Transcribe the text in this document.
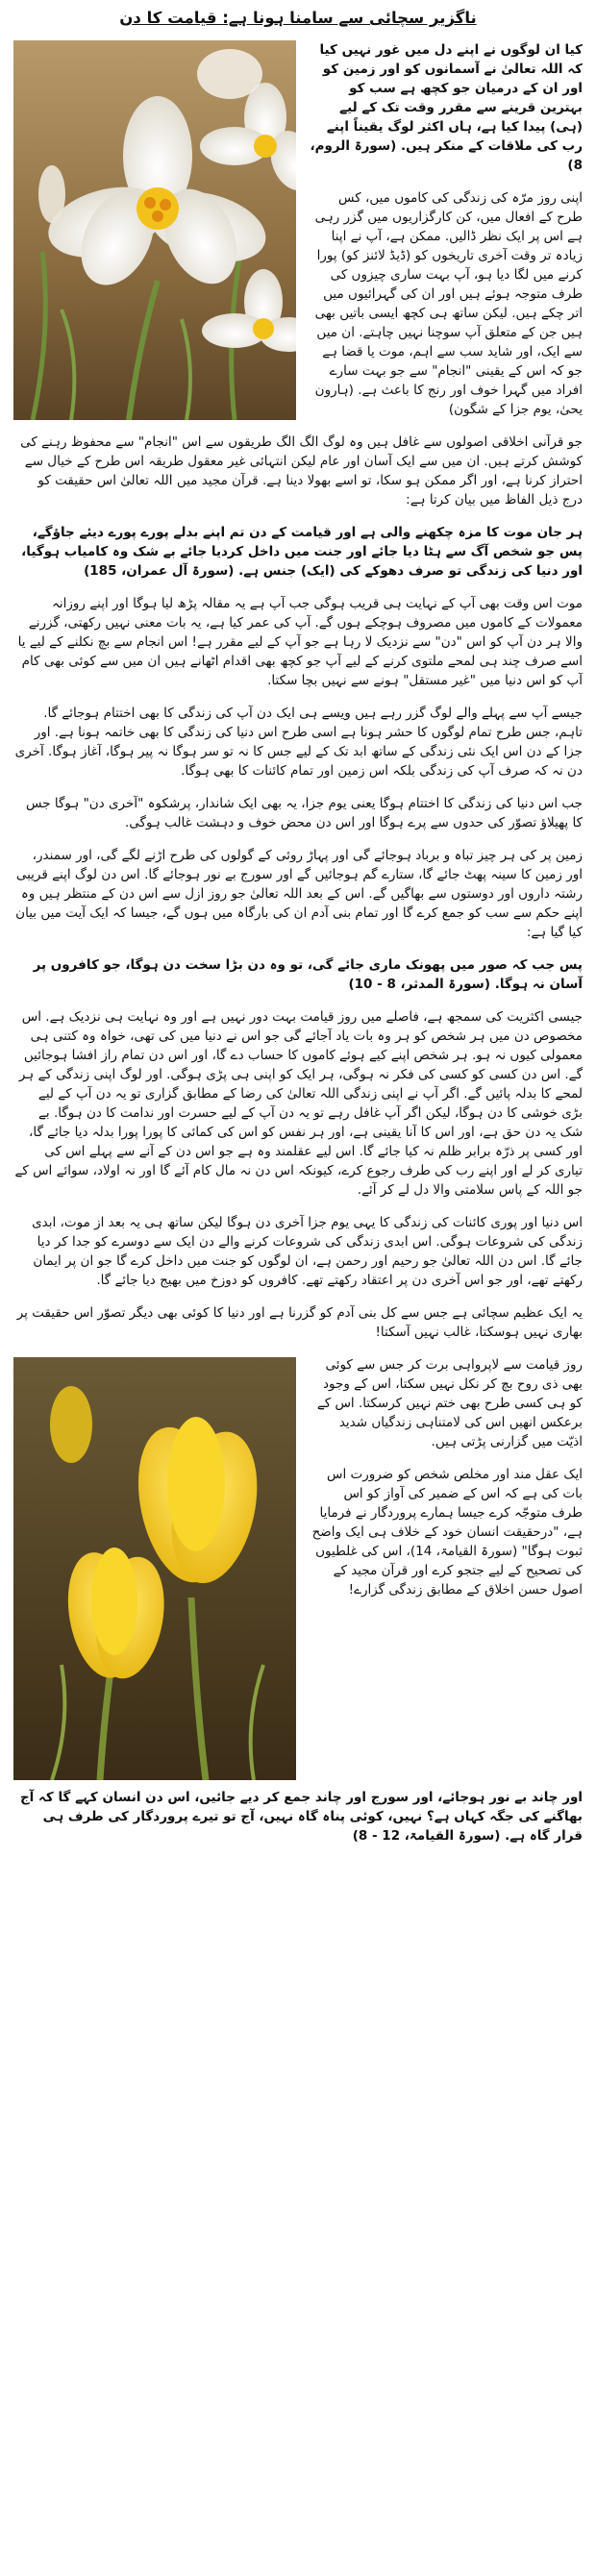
ناگزیر سچائی سے سامنا ہونا ہے: قیامت کا دن

کیا ان لوگوں نے اپنے دل میں غور نہیں کیا کہ اللہ تعالیٰ نے آسمانوں کو اور زمین کو اور ان کے درمیان جو کچھ ہے سب کو بہترین قرینے سے مقرر وقت تک کے لیے (ہی) پیدا کیا ہے، ہاں اکثر لوگ یقیناً اپنے رب کی ملاقات کے منکر ہیں. (سورۃ الروم، 8)

اپنی روز مرّہ کی زندگی کی کاموں میں، کس طرح کے افعال میں، کن کارگزاریوں میں گزر رہی ہے اس پر ایک نظر ڈالیں. ممکن ہے، آپ نے اپنا زیادہ تر وقت آخری تاریخوں کو (ڈیڈ لائنز کو) پورا کرنے میں لگا دیا ہو، آپ بہت ساری چیزوں کی طرف متوجہ ہوئے ہیں اور ان کی گہرائیوں میں اتر چکے ہیں. لیکن ساتھ ہی کچھ ایسی باتیں بھی ہیں جن کے متعلق آپ سوچنا نہیں چاہتے. ان میں سے ایک، اور شاید سب سے اہم، موت یا قضا ہے جو کہ اس کے یقینی "انجام" سے جو بہت سارے افراد میں گہرا خوف اور رنج کا باعث ہے. (ہارون یحیٰ، یوم جزا کے شگون)

جو قرآنی اخلاقی اصولوں سے غافل ہیں وہ لوگ الگ الگ طریقوں سے اس "انجام" سے محفوظ رہنے کی کوشش کرتے ہیں. ان میں سے ایک آسان اور عام لیکن انتہائی غیر معقول طریقہ اس طرح کے خیال سے احتراز کرنا ہے، اور اگر ممکن ہو سکا، تو اسے بھولا دینا ہے. قرآن مجید میں اللہ تعالیٰ اس حقیقت کو درج ذیل الفاظ میں بیان کرتا ہے:

ہر جان موت کا مزہ چکھنے والی ہے اور قیامت کے دن تم اپنے بدلے پورے پورے دیئے جاؤگے، پس جو شخص آگ سے ہٹا دیا جائے اور جنت میں داخل کردیا جائے بے شک وہ کامیاب ہوگیا، اور دنیا کی زندگی تو صرف دھوکے کی (ایک) جنس ہے. (سورۃ آل عمران، 185)

موت اس وقت بھی آپ کے نہایت ہی قریب ہوگی جب آپ ہے یہ مقالہ پڑھ لیا ہوگا اور اپنے روزانہ معمولات کے کاموں میں مصروف ہوچکے ہوں گے. آپ کی عمر کیا ہے، یہ بات معنی نہیں رکھتی، گزرنے والا ہر دن آپ کو اس "دن" سے نزدیک لا رہا ہے جو آپ کے لیے مقرر ہے! اس انجام سے بچ نکلنے کے لیے یا اسے صرف چند ہی لمحے ملتوی کرنے کے لیے آپ جو کچھ بھی اقدام اٹھانے ہیں ان میں سے کوئی بھی کام آپ کو اس دنیا میں "غیر مستقل" ہونے سے نہیں بچا سکتا.

جیسے آپ سے پہلے والے لوگ گزر رہے ہیں ویسے ہی ایک دن آپ کی زندگی کا بھی اختتام ہوجائے گا. تاہم، جس طرح تمام لوگوں کا حشر ہونا ہے اسی طرح اس دنیا کی زندگی کا بھی خاتمہ ہونا ہے. اور جزا کے دن اس ایک نئی زندگی کے ساتھ ابد تک کے لیے جس کا نہ تو سر ہوگا نہ پیر ہوگا، آغاز ہوگا. آخری دن نہ کہ صرف آپ کی زندگی بلکہ اس زمین اور تمام کائنات کا بھی ہوگا.

جب اس دنیا کی زندگی کا اختتام ہوگا یعنی یوم جزا، یہ بھی ایک شاندار، پرشکوہ "آخری دن" ہوگا جس کا پھیلاؤ تصوّر کی حدوں سے پرے ہوگا اور اس دن محض خوف و دہشت غالب ہوگی.

زمین پر کی ہر چیز تباہ و برباد ہوجائے گی اور پہاڑ روئی کے گولوں کی طرح اڑنے لگے گی، اور سمندر، اور زمین کا سینہ پھٹ جائے گا، ستارے گم ہوجائیں گے اور سورج بے نور ہوجائے گا. اس دن لوگ اپنے قریبی رشتہ داروں اور دوستوں سے بھاگیں گے. اس کے بعد اللہ تعالیٰ جو روز ازل سے اس دن کے منتظر ہیں وہ اپنے حکم سے سب کو جمع کرے گا اور تمام بنی آدم ان کی بارگاہ میں ہوں گے، جیسا کہ ایک آیت میں بیان کیا گیا ہے:

پس جب کہ صور میں پھونک ماری جائے گی، تو وہ دن بڑا سخت دن ہوگا، جو کافروں پر آسان نہ ہوگا. (سورۃ المدثر، 8 - 10)

جیسی اکثریت کی سمجھ ہے، فاصلے میں روز قیامت بہت دور نہیں ہے اور وہ نہایت ہی نزدیک ہے. اس مخصوص دن میں ہر شخص کو ہر وہ بات یاد آجائے گی جو اس نے دنیا میں کی تھی، خواہ وہ کتنی ہی معمولی کیوں نہ ہو. ہر شخص اپنے کیے ہوئے کاموں کا حساب دے گا، اور اس دن تمام راز افشا ہوجائیں گے. اس دن کسی کو کسی کی فکر نہ ہوگی، ہر ایک کو اپنی ہی پڑی ہوگی. اور لوگ اپنی زندگی کے ہر لمحے کا بدلہ پائیں گے. اگر آپ نے اپنی زندگی اللہ تعالیٰ کی رضا کے مطابق گزاری تو یہ دن آپ کے لیے بڑی خوشی کا دن ہوگا، لیکن اگر آپ غافل رہے تو یہ دن آپ کے لیے حسرت اور ندامت کا دن ہوگا. بے شک یہ دن حق ہے، اور اس کا آنا یقینی ہے، اور ہر نفس کو اس کی کمائی کا پورا پورا بدلہ دیا جائے گا، اور کسی پر ذرّہ برابر ظلم نہ کیا جائے گا. اس لیے عقلمند وہ ہے جو اس دن کے آنے سے پہلے اس کی تیاری کر لے اور اپنے رب کی طرف رجوع کرے، کیونکہ اس دن نہ مال کام آئے گا اور نہ اولاد، سوائے اس کے جو اللہ کے پاس سلامتی والا دل لے کر آئے.

اس دنیا اور پوری کائنات کی زندگی کا یہی یوم جزا آخری دن ہوگا لیکن ساتھ ہی یہ بعد از موت، ابدی زندگی کی شروعات ہوگی. اس ابدی زندگی کی شروعات کرنے والے دن ایک سے دوسرے کو جدا کر دیا جائے گا. اس دن اللہ تعالیٰ جو رحیم اور رحمن ہے، ان لوگوں کو جنت میں داخل کرے گا جو ان پر ایمان رکھتے تھے، اور جو اس آخری دن پر اعتقاد رکھتے تھے. کافروں کو دوزخ میں بھیج دیا جائے گا.

یہ ایک عظیم سچائی ہے جس سے کل بنی آدم کو گزرنا ہے اور دنیا کا کوئی بھی دیگر تصوّر اس حقیقت پر بھاری نہیں ہوسکتا، غالب نہیں آسکتا!

روز قیامت سے لاپرواہی برت کر جس سے کوئی بھی ذی روح بچ کر نکل نہیں سکتا، اس کے وجود کو ہی کسی طرح بھی ختم نہیں کرسکتا. اس کے برعکس انھیں اس کی لامتناہی زندگیاں شدید اذیّت میں گزارنی پڑتی ہیں.

ایک عقل مند اور مخلص شخص کو ضرورت اس بات کی ہے کہ اس کے ضمیر کی آواز کو اس طرف متوجّہ کرے جیسا ہمارے پروردگار نے فرمایا ہے، "درحقیقت انسان خود کے خلاف ہی ایک واضح ثبوت ہوگا" (سورۃ القیامۃ، 14)، اس کی غلطیوں کی تصحیح کے لیے جتجو کرے اور قرآن مجید کے اصول حسن اخلاق کے مطابق زندگی گزارے!

اور چاند بے نور ہوجائے، اور سورج اور چاند جمع کر دیے جائیں، اس دن انسان کہے گا کہ آج بھاگنے کی جگہ کہاں ہے؟ نہیں، کوئی پناہ گاہ نہیں، آج تو تیرے پروردگار کی طرف ہی قرار گاہ ہے. (سورۃ القیامۃ، 12 - 8)
